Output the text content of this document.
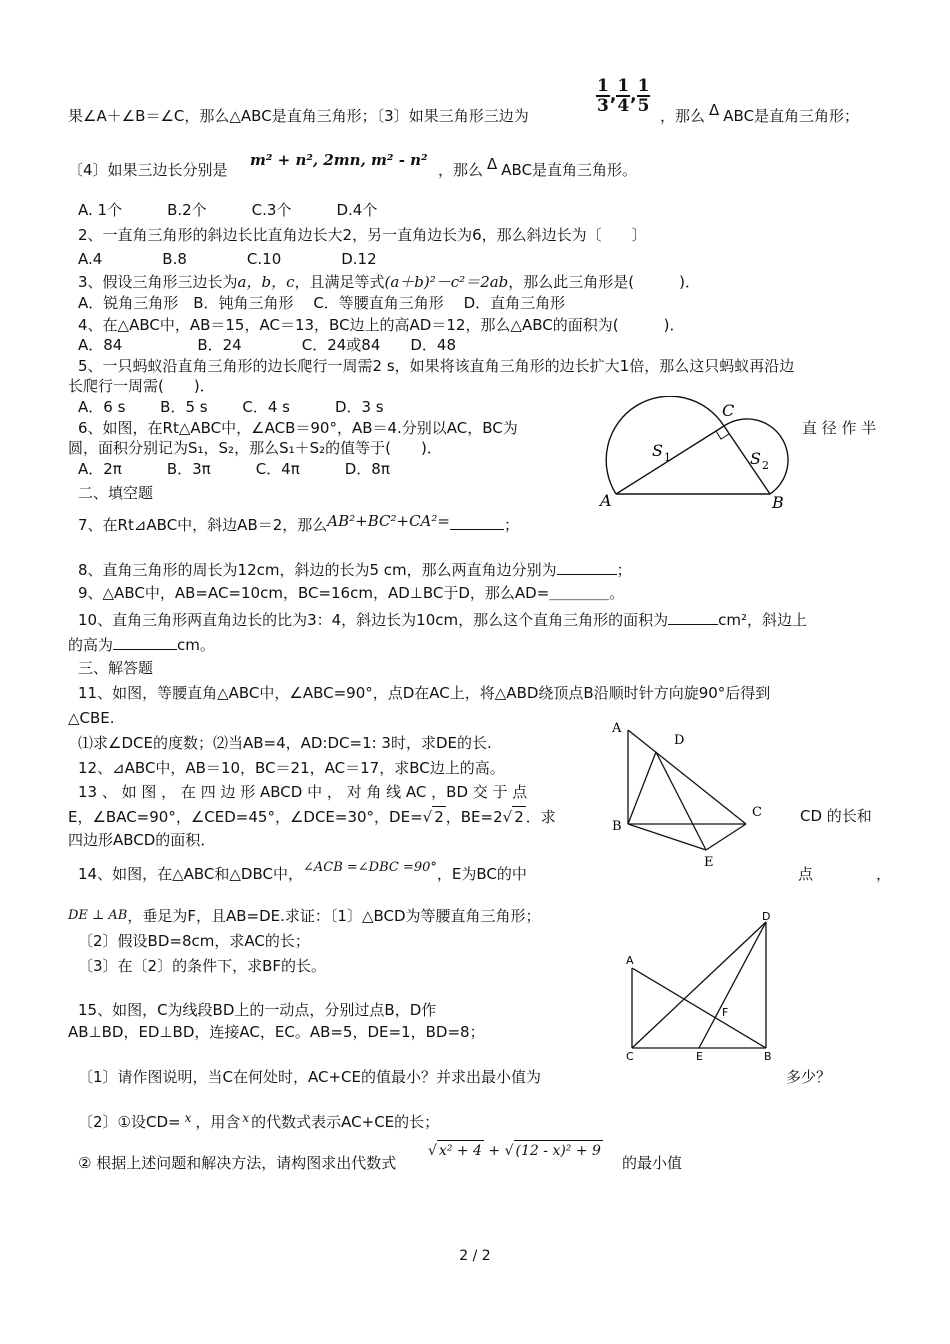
果∠A＋∠B＝∠C，那么△ABC是直角三角形；〔3〕如果三角形三边为
$\frac{1}{3}$ , $\frac{1}{4}$ , $\frac{1}{5}$
，那么 Δ ABC是直角三角形；
〔4〕如果三边长分别是
m² + n², 2mn, m² - n²
，那么 Δ ABC是直角三角形。
A. 1个　　　B.2个　　　C.3个　　　D.4个
2、一直角三角形的斜边长比直角边长大2，另一直角边长为6，那么斜边长为〔　　〕
A.4　　　　B.8　　　　C.10　　　　D.12
3、假设三角形三边长为a，b，c，且满足等式(a＋b)²－c²＝2ab，那么此三角形是(　　　)．
A．锐角三角形　B．钝角三角形　 C．等腰直角三角形　 D．直角三角形
4、在△ABC中，AB＝15，AC＝13，BC边上的高AD＝12，那么△ABC的面积为(　　　)．
A．84　　　　　B．24　　　　C．24或84　　D．48
5、一只蚂蚁沿直角三角形的边长爬行一周需2 s，如果将该直角三角形的边长扩大1倍，那么这只蚂蚁再沿边
长爬行一周需(　　)．
A．6 s　　 B．5 s　　 C．4 s　　　D．3 s
6、如图，在Rt△ABC中，∠ACB＝90°，AB＝4.分别以AC，BC为	直 径 作 半
圆，面积分别记为S₁，S₂，那么S₁＋S₂的值等于(　　)．
A．2π　　　B．3π　　　C．4π　　　D．8π
A	B
C
S 1	S 2
二、填空题
7、在Rt⊿ABC中，斜边AB＝2，那么AB²+BC²+CA²=	；
8、直角三角形的周长为12cm，斜边的长为5 cm，那么两直角边分别为	；
9、△ABC中，AB=AC=10cm，BC=16cm，AD⊥BC于D，那么AD=＿＿＿＿。
10、直角三角形两直角边长的比为3：4，斜边长为10cm，那么这个直角三角形的面积为	cm²，斜边上
的高为	cm。
三、解答题
11、如图，等腰直角△ABC中，∠ABC=90°，点D在AC上，将△ABD绕顶点B沿顺时针方向旋90°后得到
△CBE.
⑴求∠DCE的度数；⑵当AB=4，AD:DC=1: 3时，求DE的长.
12、⊿ABC中，AB＝10，BC＝21，AC＝17，求BC边上的高。
13 、 如 图 ， 在 四 边 形 ABCD 中 ， 对 角 线 AC ，BD 交 于 点
E，∠BAC=90°，∠CED=45°，∠DCE=30°，DE=√ 2 ，BE=2√ 2 ．求	CD 的长和
四边形ABCD的面积．
A
B
C
D
E
14、如图，在△ABC和△DBC中，∠ACB =∠DBC =90°，E为BC的中	点	，
DE ⊥ AB，垂足为F，且AB=DE.求证：〔1〕△BCD为等腰直角三角形；
〔2〕假设BD=8cm，求AC的长；
〔3〕在〔2〕的条件下，求BF的长。	A
C	B
D
E
F
15、如图，C为线段BD上的一动点，分别过点B，D作
AB⊥BD，ED⊥BD，连接AC，EC。AB=5，DE=1，BD=8；
〔1〕请作图说明，当C在何处时，AC+CE的值最小？并求出最小值为	多少？
〔2〕①设CD= $^x$ ，用含 $^x$ 的代数式表示AC+CE的长；
② 根据上述问题和解决方法，请构图求出代数式
√ x² + 4 + √ (12 - x)² + 9
的最小值
2 / 2
